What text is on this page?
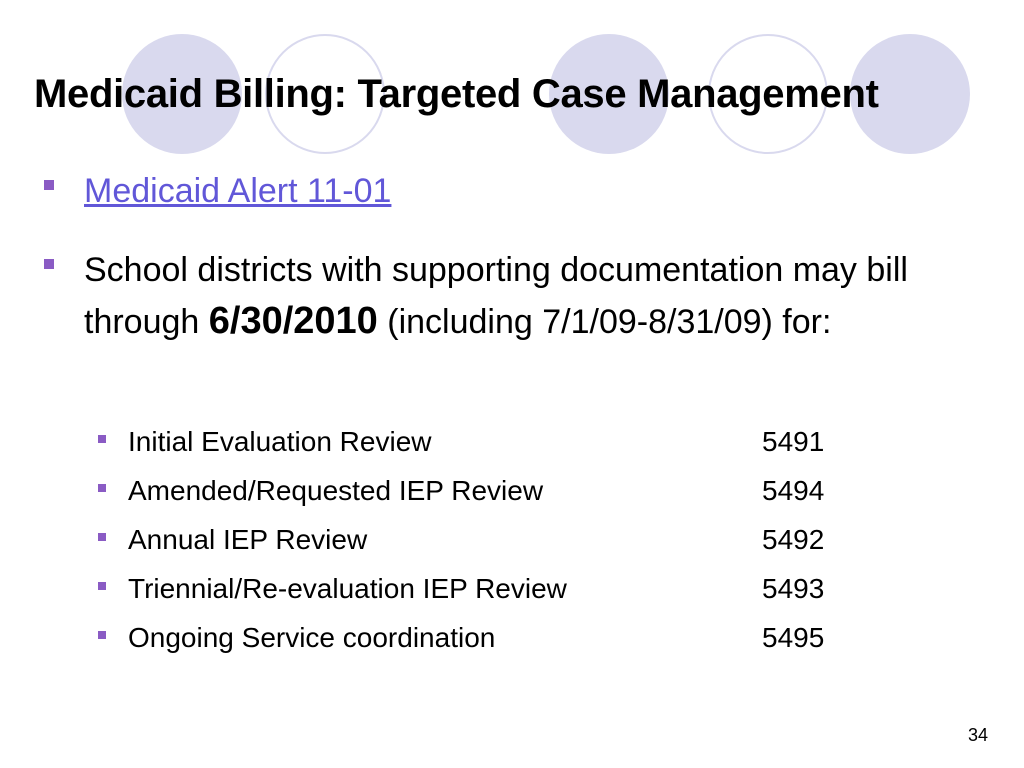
Medicaid Billing: Targeted Case Management
Medicaid Alert 11-01
School districts with supporting documentation may bill through 6/30/2010 (including 7/1/09-8/31/09) for:
Initial Evaluation Review	5491
Amended/Requested IEP Review	5494
Annual IEP Review	5492
Triennial/Re-evaluation IEP Review	5493
Ongoing Service coordination	5495
34
